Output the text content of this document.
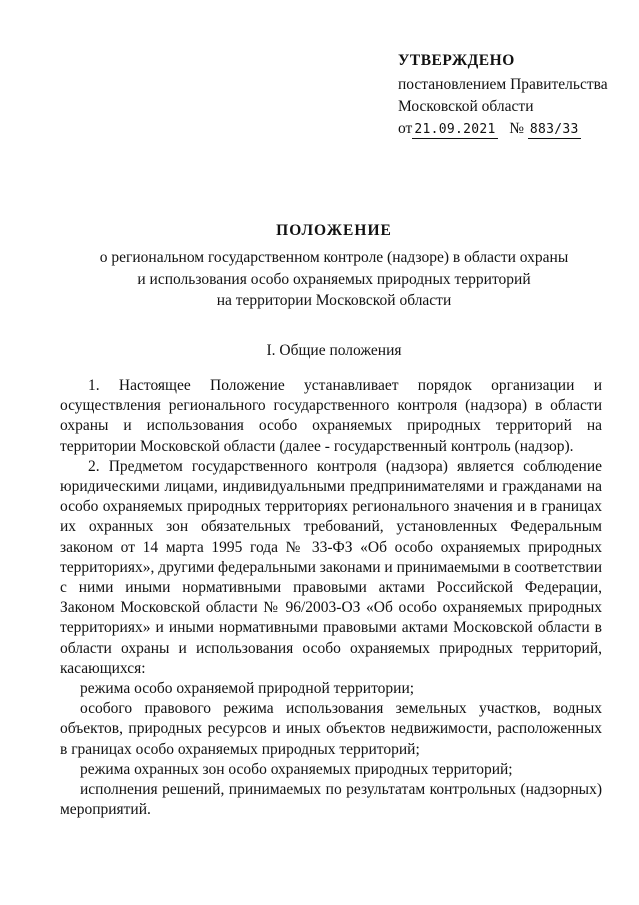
УТВЕРЖДЕНО
постановлением Правительства
Московской области
от 21.09.2021 № 883/33
ПОЛОЖЕНИЕ
о региональном государственном контроле (надзоре) в области охраны
и использования особо охраняемых природных территорий
на территории Московской области
I. Общие положения

1. Настоящее Положение устанавливает порядок организации и осуществления регионального государственного контроля (надзора) в области охраны и использования особо охраняемых природных территорий на территории Московской области (далее - государственный контроль (надзор).

2. Предметом государственного контроля (надзора) является соблюдение юридическими лицами, индивидуальными предпринимателями и гражданами на особо охраняемых природных территориях регионального значения и в границах их охранных зон обязательных требований, установленных Федеральным законом от 14 марта 1995 года № 33-ФЗ «Об особо охраняемых природных территориях», другими федеральными законами и принимаемыми в соответствии с ними иными нормативными правовыми актами Российской Федерации, Законом Московской области № 96/2003-ОЗ «Об особо охраняемых природных территориях» и иными нормативными правовыми актами Московской области в области охраны и использования особо охраняемых природных территорий, касающихся:

режима особо охраняемой природной территории;

особого правового режима использования земельных участков, водных объектов, природных ресурсов и иных объектов недвижимости, расположенных в границах особо охраняемых природных территорий;

режима охранных зон особо охраняемых природных территорий;

исполнения решений, принимаемых по результатам контрольных (надзорных) мероприятий.
